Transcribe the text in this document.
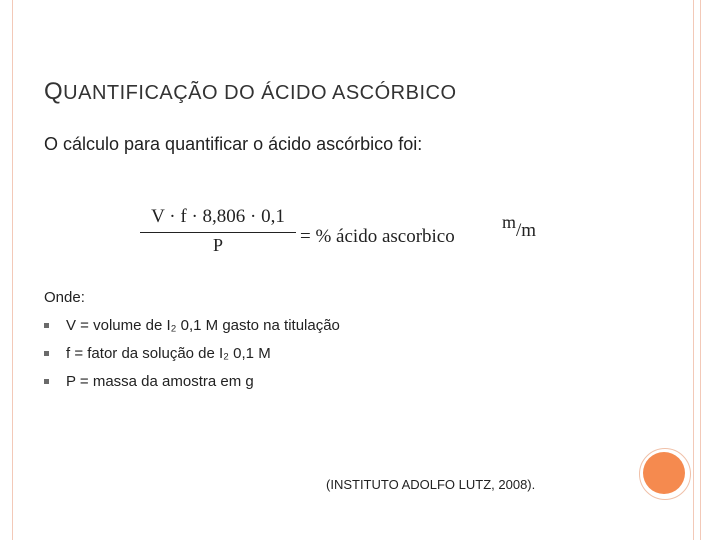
QUANTIFICAÇÃO DO ÁCIDO ASCÓRBICO
O cálculo para quantificar o ácido ascórbico foi:
V · f · 8,806 · 0,1
P	= % ácido ascorbico
m/m
Onde:
V = volume de I₂ 0,1 M gasto na titulação
f = fator da solução de I₂ 0,1 M
P = massa da amostra em g
(INSTITUTO ADOLFO LUTZ, 2008).
